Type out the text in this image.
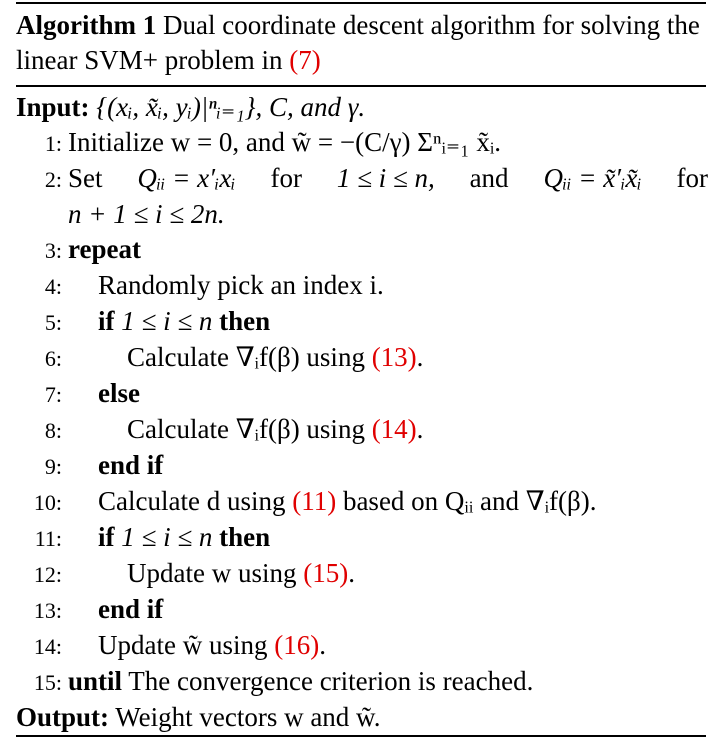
Algorithm 1 Dual coordinate descent algorithm for solving the linear SVM+ problem in (7)
Input: {(xᵢ, x̃ᵢ, yᵢ)|ⁿᵢ₌₁}, C, and γ.
1: Initialize w = 0, and w̃ = −(C/γ) Σⁿᵢ₌₁ x̃ᵢ.
2: Set Qᵢᵢ = x′ᵢxᵢ for 1 ≤ i ≤ n, and Qᵢᵢ = x̃′ᵢx̃ᵢ for
n + 1 ≤ i ≤ 2n.
3: repeat
4: Randomly pick an index i.
5: if 1 ≤ i ≤ n then
6: Calculate ∇ᵢf(β) using (13).
7: else
8: Calculate ∇ᵢf(β) using (14).
9: end if
10: Calculate d using (11) based on Qᵢᵢ and ∇ᵢf(β).
11: if 1 ≤ i ≤ n then
12: Update w using (15).
13: end if
14: Update w̃ using (16).
15: until The convergence criterion is reached.
Output: Weight vectors w and w̃.
